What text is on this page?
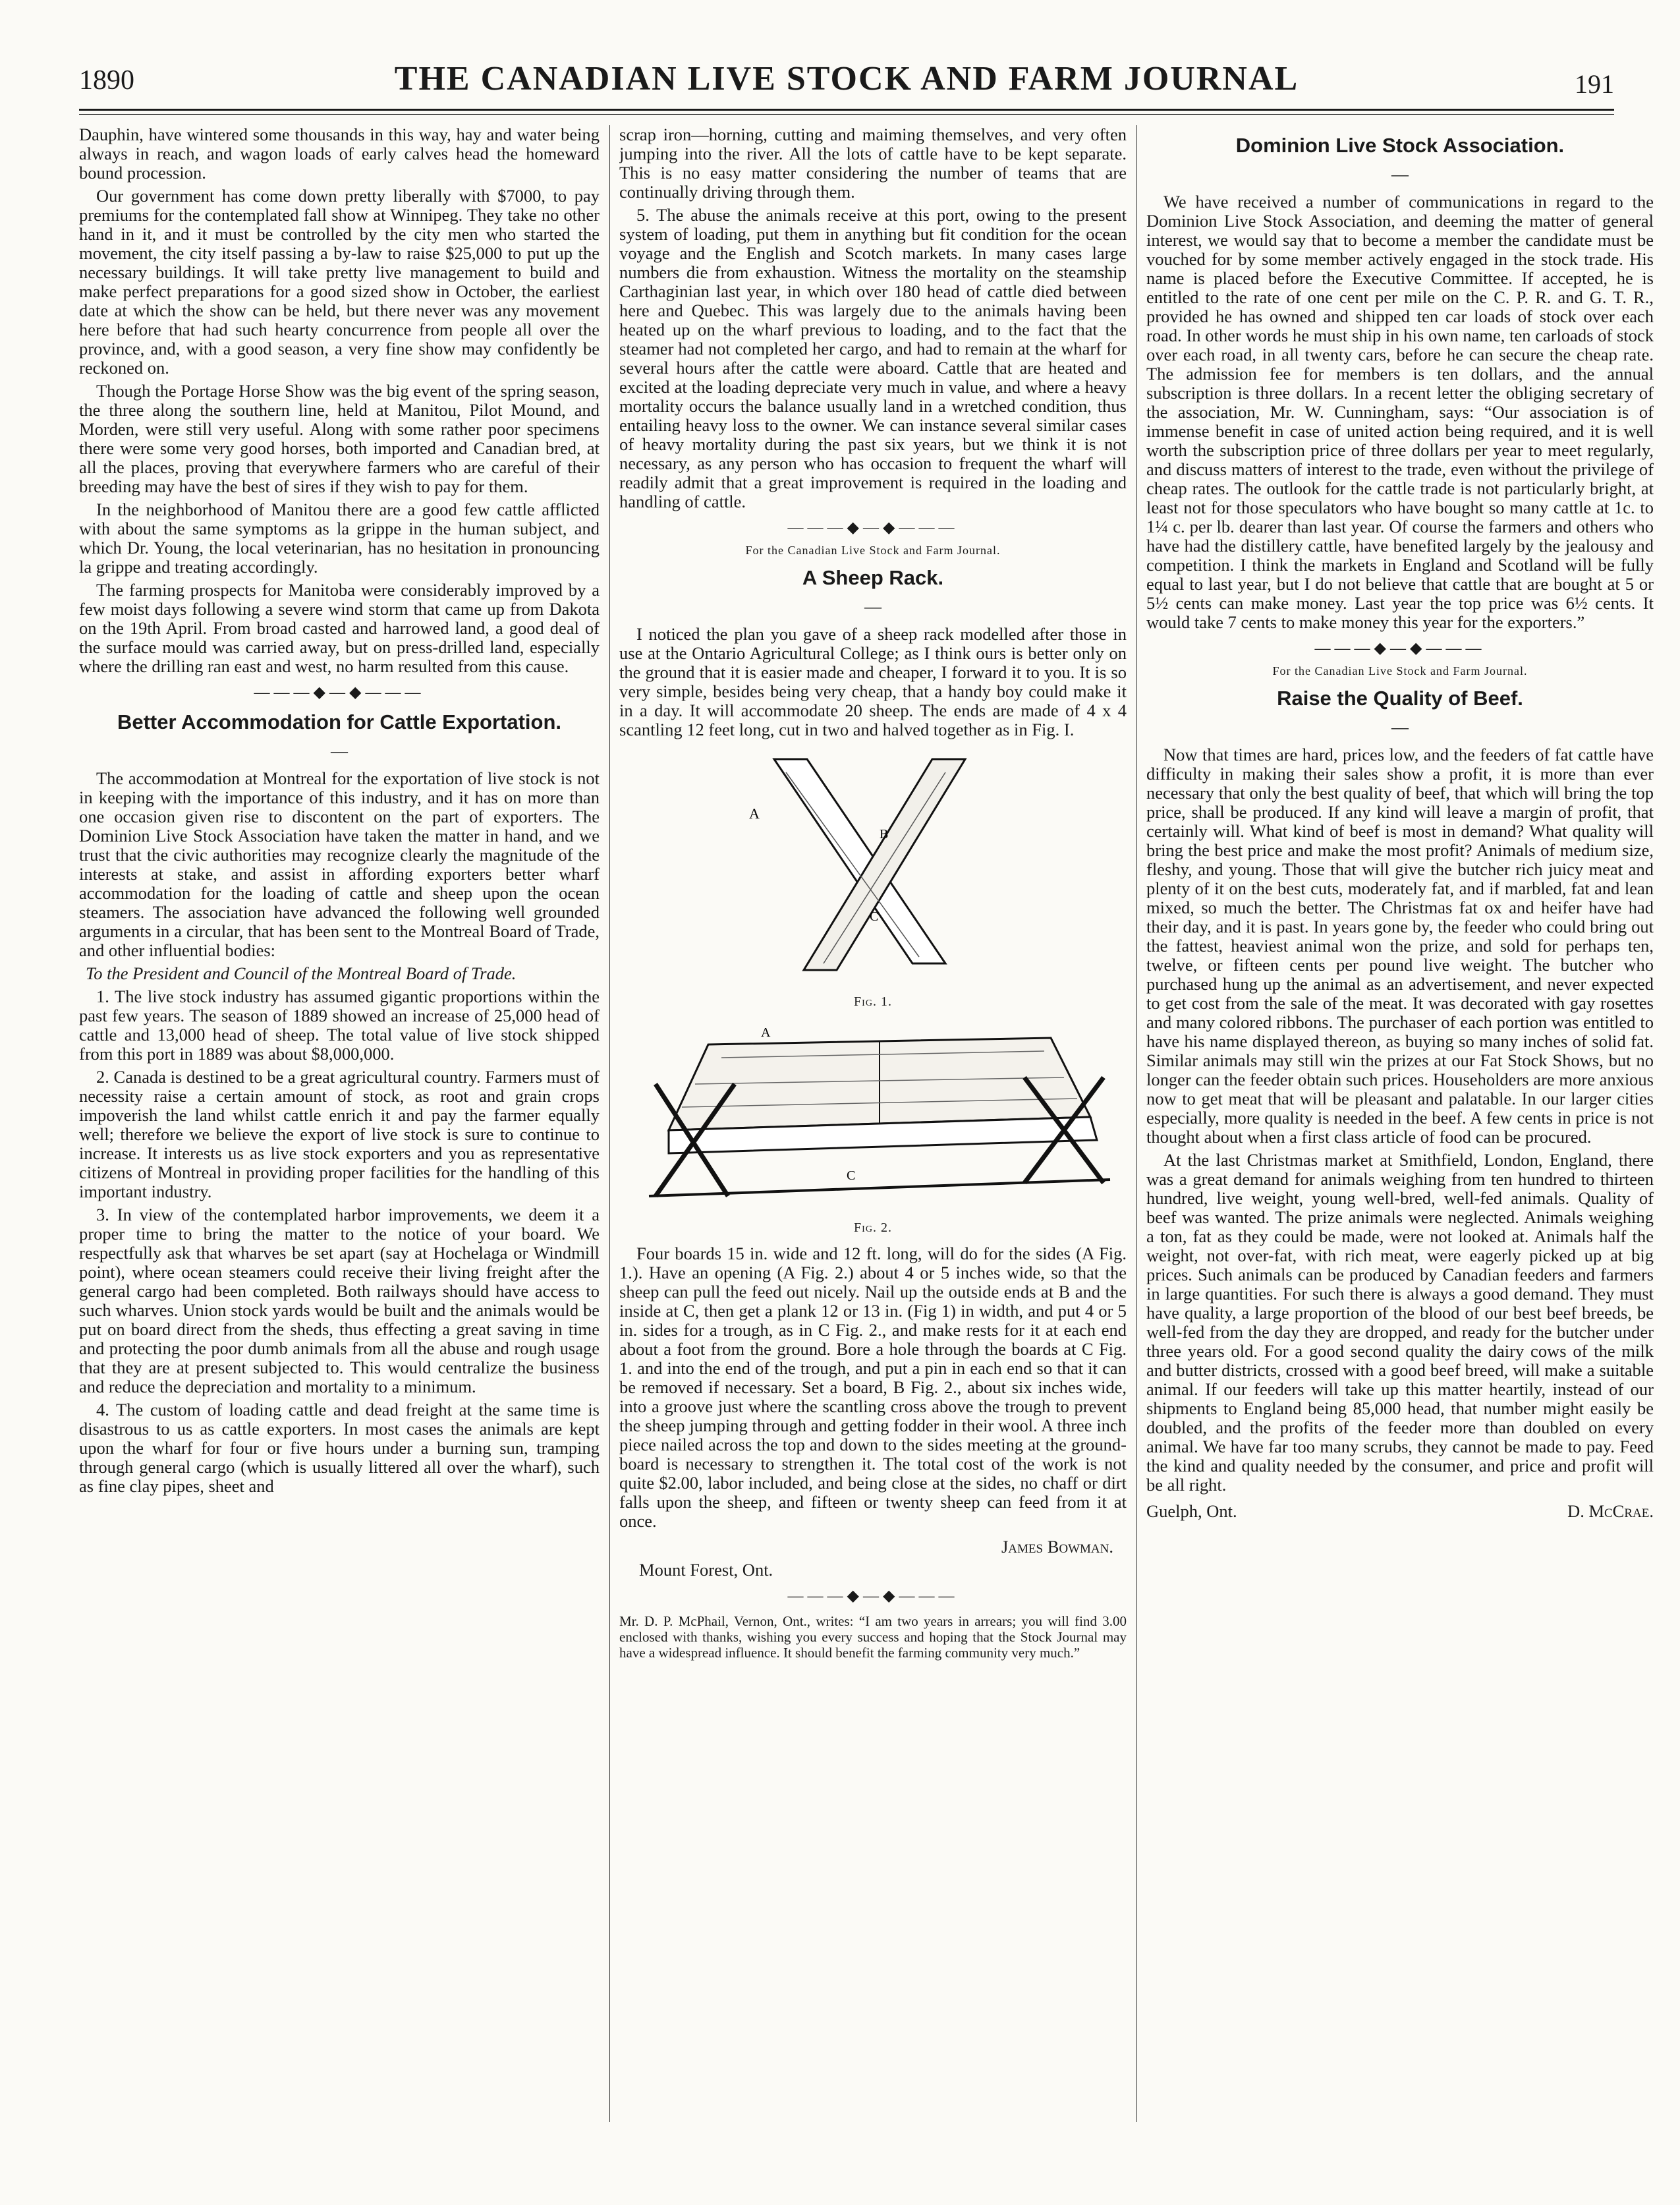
1890	THE CANADIAN LIVE STOCK AND FARM JOURNAL	191

Dauphin, have wintered some thousands in this way, hay and water being always in reach, and wagon loads of early calves head the homeward bound procession.

Our government has come down pretty liberally with $7000, to pay premiums for the contemplated fall show at Winnipeg. They take no other hand in it, and it must be controlled by the city men who started the movement, the city itself passing a by-law to raise $25,000 to put up the necessary buildings. It will take pretty live management to build and make perfect preparations for a good sized show in October, the earliest date at which the show can be held, but there never was any movement here before that had such hearty concurrence from people all over the province, and, with a good season, a very fine show may confidently be reckoned on.

Though the Portage Horse Show was the big event of the spring season, the three along the southern line, held at Manitou, Pilot Mound, and Morden, were still very useful. Along with some rather poor specimens there were some very good horses, both imported and Canadian bred, at all the places, proving that everywhere farmers who are careful of their breeding may have the best of sires if they wish to pay for them.

In the neighborhood of Manitou there are a good few cattle afflicted with about the same symptoms as la grippe in the human subject, and which Dr. Young, the local veterinarian, has no hesitation in pronouncing la grippe and treating accordingly.

The farming prospects for Manitoba were considerably improved by a few moist days following a severe wind storm that came up from Dakota on the 19th April. From broad casted and harrowed land, a good deal of the surface mould was carried away, but on press-drilled land, especially where the drilling ran east and west, no harm resulted from this cause.

———◆—◆———
Better Accommodation for Cattle Exportation.
—

The accommodation at Montreal for the exportation of live stock is not in keeping with the importance of this industry, and it has on more than one occasion given rise to discontent on the part of exporters. The Dominion Live Stock Association have taken the matter in hand, and we trust that the civic authorities may recognize clearly the magnitude of the interests at stake, and assist in affording exporters better wharf accommodation for the loading of cattle and sheep upon the ocean steamers. The association have advanced the following well grounded arguments in a circular, that has been sent to the Montreal Board of Trade, and other influential bodies:

To the President and Council of the Montreal Board of Trade.

1. The live stock industry has assumed gigantic proportions within the past few years. The season of 1889 showed an increase of 25,000 head of cattle and 13,000 head of sheep. The total value of live stock shipped from this port in 1889 was about $8,000,000.

2. Canada is destined to be a great agricultural country. Farmers must of necessity raise a certain amount of stock, as root and grain crops impoverish the land whilst cattle enrich it and pay the farmer equally well; therefore we believe the export of live stock is sure to continue to increase. It interests us as live stock exporters and you as representative citizens of Montreal in providing proper facilities for the handling of this important industry.

3. In view of the contemplated harbor improvements, we deem it a proper time to bring the matter to the notice of your board. We respectfully ask that wharves be set apart (say at Hochelaga or Windmill point), where ocean steamers could receive their living freight after the general cargo had been completed. Both railways should have access to such wharves. Union stock yards would be built and the animals would be put on board direct from the sheds, thus effecting a great saving in time and protecting the poor dumb animals from all the abuse and rough usage that they are at present subjected to. This would centralize the business and reduce the depreciation and mortality to a minimum.

4. The custom of loading cattle and dead freight at the same time is disastrous to us as cattle exporters. In most cases the animals are kept upon the wharf for four or five hours under a burning sun, tramping through general cargo (which is usually littered all over the wharf), such as fine clay pipes, sheet and

scrap iron—horning, cutting and maiming themselves, and very often jumping into the river. All the lots of cattle have to be kept separate. This is no easy matter considering the number of teams that are continually driving through them.

5. The abuse the animals receive at this port, owing to the present system of loading, put them in anything but fit condition for the ocean voyage and the English and Scotch markets. In many cases large numbers die from exhaustion. Witness the mortality on the steamship Carthaginian last year, in which over 180 head of cattle died between here and Quebec. This was largely due to the animals having been heated up on the wharf previous to loading, and to the fact that the steamer had not completed her cargo, and had to remain at the wharf for several hours after the cattle were aboard. Cattle that are heated and excited at the loading depreciate very much in value, and where a heavy mortality occurs the balance usually land in a wretched condition, thus entailing heavy loss to the owner. We can instance several similar cases of heavy mortality during the past six years, but we think it is not necessary, as any person who has occasion to frequent the wharf will readily admit that a great improvement is required in the loading and handling of cattle.

———◆—◆———
For the Canadian Live Stock and Farm Journal.
A Sheep Rack.
—

I noticed the plan you gave of a sheep rack modelled after those in use at the Ontario Agricultural College; as I think ours is better only on the ground that it is easier made and cheaper, I forward it to you. It is so very simple, besides being very cheap, that a handy boy could make it in a day. It will accommodate 20 sheep. The ends are made of 4 x 4 scantling 12 feet long, cut in two and halved together as in Fig. I.

A
B
C

Fig. 1.

C
A

Fig. 2.

Four boards 15 in. wide and 12 ft. long, will do for the sides (A Fig. 1.). Have an opening (A Fig. 2.) about 4 or 5 inches wide, so that the sheep can pull the feed out nicely. Nail up the outside ends at B and the inside at C, then get a plank 12 or 13 in. (Fig 1) in width, and put 4 or 5 in. sides for a trough, as in C Fig. 2., and make rests for it at each end about a foot from the ground. Bore a hole through the boards at C Fig. 1. and into the end of the trough, and put a pin in each end so that it can be removed if necessary. Set a board, B Fig. 2., about six inches wide, into a groove just where the scantling cross above the trough to prevent the sheep jumping through and getting fodder in their wool. A three inch piece nailed across the top and down to the sides meeting at the ground-board is necessary to strengthen it. The total cost of the work is not quite $2.00, labor included, and being close at the sides, no chaff or dirt falls upon the sheep, and fifteen or twenty sheep can feed from it at once.

James Bowman.

Mount Forest, Ont.

———◆—◆———

Mr. D. P. McPhail, Vernon, Ont., writes: “I am two years in arrears; you will find 3.00 enclosed with thanks, wishing you every success and hoping that the Stock Journal may have a widespread influence. It should benefit the farming community very much.”

Dominion Live Stock Association.
—

We have received a number of communications in regard to the Dominion Live Stock Association, and deeming the matter of general interest, we would say that to become a member the candidate must be vouched for by some member actively engaged in the stock trade. His name is placed before the Executive Committee. If accepted, he is entitled to the rate of one cent per mile on the C. P. R. and G. T. R., provided he has owned and shipped ten car loads of stock over each road. In other words he must ship in his own name, ten carloads of stock over each road, in all twenty cars, before he can secure the cheap rate. The admission fee for members is ten dollars, and the annual subscription is three dollars. In a recent letter the obliging secretary of the association, Mr. W. Cunningham, says: “Our association is of immense benefit in case of united action being required, and it is well worth the subscription price of three dollars per year to meet regularly, and discuss matters of interest to the trade, even without the privilege of cheap rates. The outlook for the cattle trade is not particularly bright, at least not for those speculators who have bought so many cattle at 1c. to 1¼ c. per lb. dearer than last year. Of course the farmers and others who have had the distillery cattle, have benefited largely by the jealousy and competition. I think the markets in England and Scotland will be fully equal to last year, but I do not believe that cattle that are bought at 5 or 5½ cents can make money. Last year the top price was 6½ cents. It would take 7 cents to make money this year for the exporters.”

———◆—◆———
For the Canadian Live Stock and Farm Journal.
Raise the Quality of Beef.
—

Now that times are hard, prices low, and the feeders of fat cattle have difficulty in making their sales show a profit, it is more than ever necessary that only the best quality of beef, that which will bring the top price, shall be produced. If any kind will leave a margin of profit, that certainly will. What kind of beef is most in demand? What quality will bring the best price and make the most profit? Animals of medium size, fleshy, and young. Those that will give the butcher rich juicy meat and plenty of it on the best cuts, moderately fat, and if marbled, fat and lean mixed, so much the better. The Christmas fat ox and heifer have had their day, and it is past. In years gone by, the feeder who could bring out the fattest, heaviest animal won the prize, and sold for perhaps ten, twelve, or fifteen cents per pound live weight. The butcher who purchased hung up the animal as an advertisement, and never expected to get cost from the sale of the meat. It was decorated with gay rosettes and many colored ribbons. The purchaser of each portion was entitled to have his name displayed thereon, as buying so many inches of solid fat. Similar animals may still win the prizes at our Fat Stock Shows, but no longer can the feeder obtain such prices. Householders are more anxious now to get meat that will be pleasant and palatable. In our larger cities especially, more quality is needed in the beef. A few cents in price is not thought about when a first class article of food can be procured.

At the last Christmas market at Smithfield, London, England, there was a great demand for animals weighing from ten hundred to thirteen hundred, live weight, young well-bred, well-fed animals. Quality of beef was wanted. The prize animals were neglected. Animals weighing a ton, fat as they could be made, were not looked at. Animals half the weight, not over-fat, with rich meat, were eagerly picked up at big prices. Such animals can be produced by Canadian feeders and farmers in large quantities. For such there is always a good demand. They must have quality, a large proportion of the blood of our best beef breeds, be well-fed from the day they are dropped, and ready for the butcher under three years old. For a good second quality the dairy cows of the milk and butter districts, crossed with a good beef breed, will make a suitable animal. If our feeders will take up this matter heartily, instead of our shipments to England being 85,000 head, that number might easily be doubled, and the profits of the feeder more than doubled on every animal. We have far too many scrubs, they cannot be made to pay. Feed the kind and quality needed by the consumer, and price and profit will be all right.

Guelph, Ont.	D. McCrae.
